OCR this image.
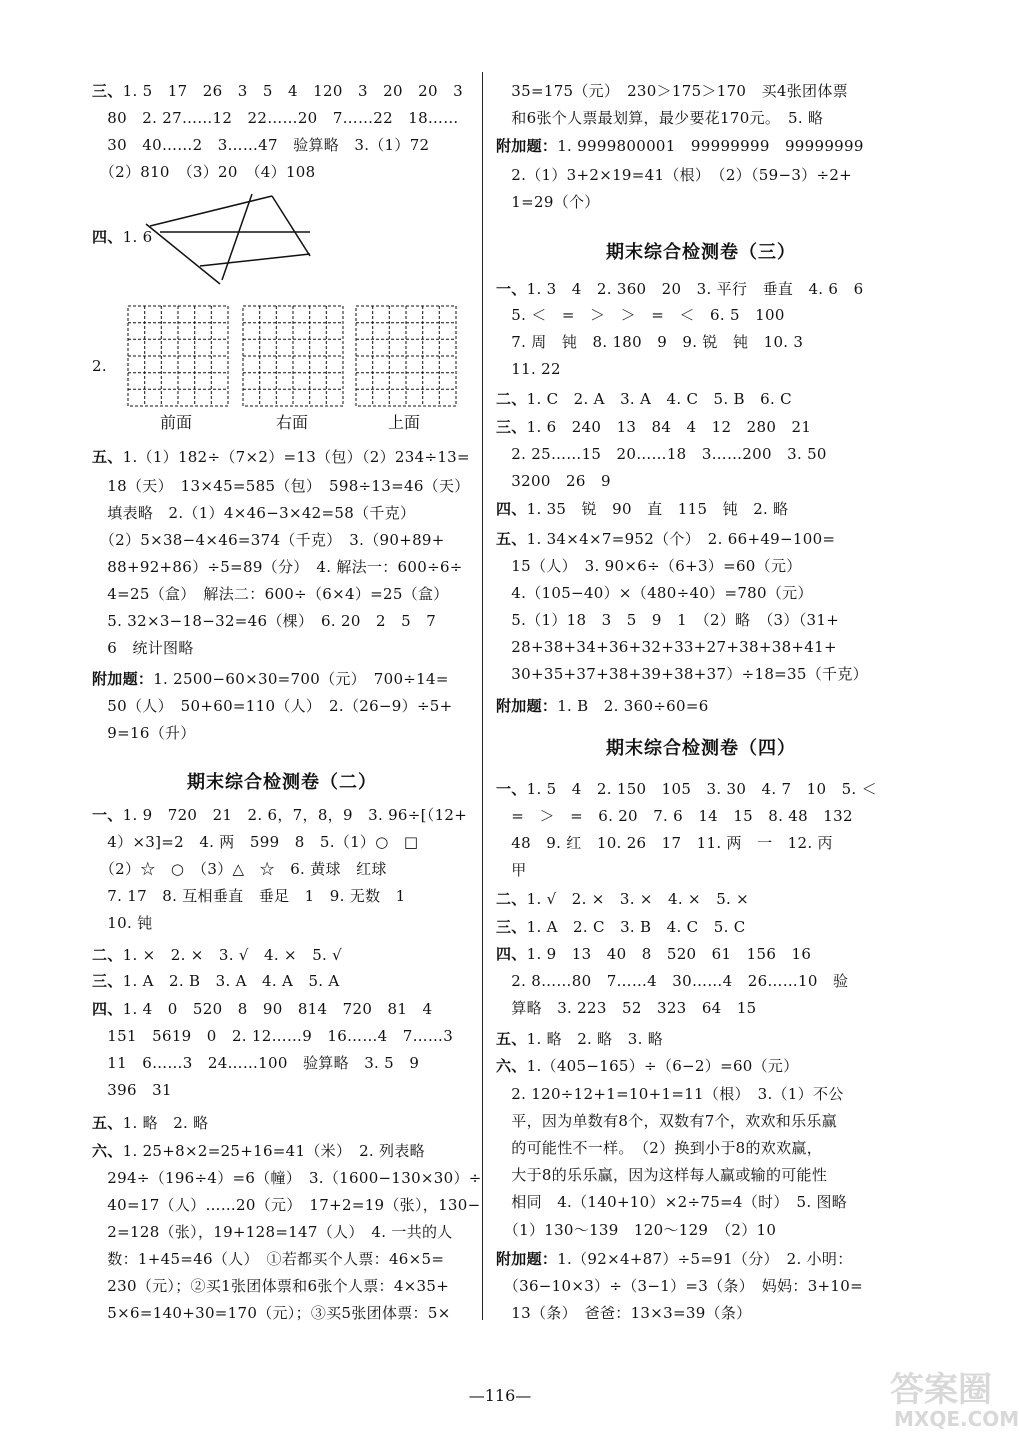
三、1. 5　17　26　3　5　4　120　3　20　20　3
　80　2. 27……12　22……20　7……22　18……
　30　40……2　3……47　验算略　3.（1）72
　（2）810　（3）20　（4）108
四、1. 6
2.
五、1.（1）182÷（7×2）=13（包）（2）234÷13=
　18（天）　13×45=585（包）　598÷13=46（天）
　填表略　2.（1）4×46−3×42=58（千克）
　（2）5×38−4×46=374（千克）　3.（90+89+
　88+92+86）÷5=89（分）　4. 解法一：600÷6÷
　4=25（盒）　解法二：600÷（6×4）=25（盒）
　5. 32×3−18−32=46（棵）　6. 20　2　5　7
　6　统计图略
附加题：1. 2500−60×30=700（元）　700÷14=
　50（人）　50+60=110（人）　2.（26−9）÷5+
　9=16（升）
一、1. 9　720　21　2. 6，7，8，9　3. 96÷[（12+
　4）×3]=2　4. 两　599　8　5.（1）○　□
　（2）☆　○　（3）△　☆　6. 黄球　红球
　7. 17　8. 互相垂直　垂足　1　9. 无数　1
　10. 钝
二、1. ×　2. ×　3. √　4. ×　5. √
三、1. A　2. B　3. A　4. A　5. A
四、1. 4　0　520　8　90　814　720　81　4
　151　5619　0　2. 12……9　16……4　7……3
　11　6……3　24……100　验算略　3. 5　9
　396　31
五、1. 略　2. 略
六、1. 25+8×2=25+16=41（米）　2. 列表略
　294÷（196÷4）=6（幢）　3.（1600−130×30）÷
　40=17（人）……20（元）　17+2=19（张），130−
　2=128（张），19+128=147（人）　4. 一共的人
　数：1+45=46（人）　①若都买个人票：46×5=
　230（元）；②买1张团体票和6张个人票：4×35+
　5×6=140+30=170（元）；③买5张团体票：5×
期末综合检测卷（二）
前面	右面	上面
　35=175（元）　230＞175＞170　买4张团体票
　和6张个人票最划算，最少要花170元。　5. 略
附加题：1. 9999800001　99999999　99999999
　2.（1）3+2×19=41（根）　（2）（59−3）÷2+
　1=29（个）
一、1. 3　4　2. 360　20　3. 平行　垂直　4. 6　6
　5. ＜　=　＞　＞　=　＜　6. 5　100
　7. 周　钝　8. 180　9　9. 锐　钝　10. 3
　11. 22
二、1. C　2. A　3. A　4. C　5. B　6. C
三、1. 6　240　13　84　4　12　280　21
　2. 25……15　20……18　3……200　3. 50
　3200　26　9
四、1. 35　锐　90　直　115　钝　2. 略
五、1. 34×4×7=952（个）　2. 66+49−100=
　15（人）　3. 90×6÷（6+3）=60（元）
　4.（105−40）×（480÷40）=780（元）
　5.（1）18　3　5　9　1　（2）略　（3）（31+
　28+38+34+36+32+33+27+38+38+41+
　30+35+37+38+39+38+37）÷18=35（千克）
附加题：1. B　2. 360÷60=6
一、1. 5　4　2. 150　105　3. 30　4. 7　10　5. ＜
　=　＞　=　6. 20　7. 6　14　15　8. 48　132
　48　9. 红　10. 26　17　11. 两　一　12. 丙
　甲
二、1. √　2. ×　3. ×　4. ×　5. ×
三、1. A　2. C　3. B　4. C　5. C
四、1. 9　13　40　8　520　61　156　16
　2. 8……80　7……4　30……4　26……10　验
　算略　3. 223　52　323　64　15
五、1. 略　2. 略　3. 略
六、1.（405−165）÷（6−2）=60（元）
　2. 120÷12+1=10+1=11（根）　3.（1）不公
　平，因为单数有8个，双数有7个，欢欢和乐乐赢
　的可能性不一样。　（2）换到小于8的欢欢赢，
　大于8的乐乐赢，因为这样每人赢或输的可能性
　相同　4.（140+10）×2÷75=4（时）　5. 图略
　（1）130～139　120～129　（2）10
附加题：1.（92×4+87）÷5=91（分）　2. 小明：
　（36−10×3）÷（3−1）=3（条）　妈妈：3+10=
　13（条）　爸爸：13×3=39（条）
期末综合检测卷（三）
期末综合检测卷（四）
—116—	答案圈
MXQE.COM
